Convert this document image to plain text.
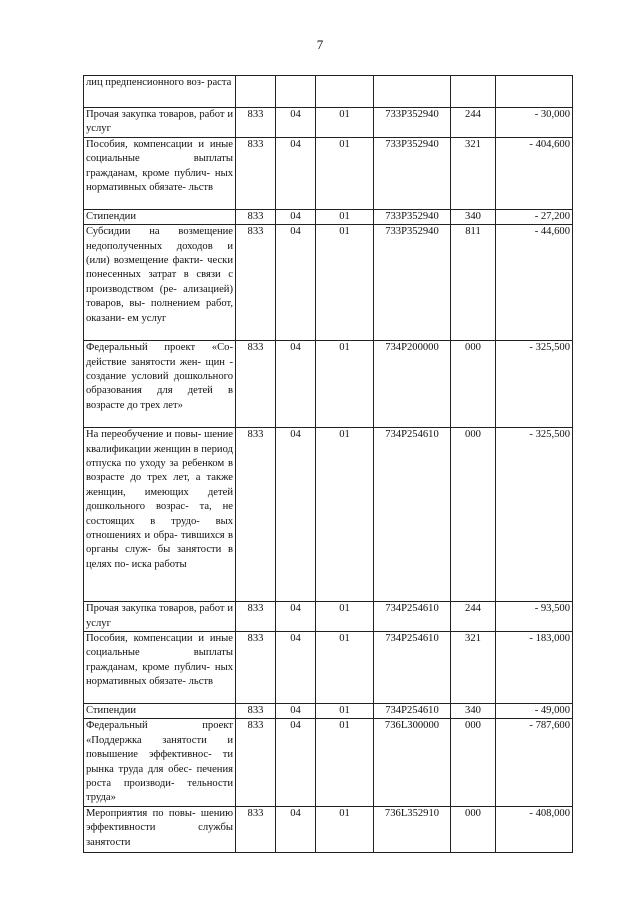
7
лиц предпенсионного воз- раста						
Прочая закупка товаров, работ и услуг	833	04	01	733P352940	244	- 30,000
Пособия, компенсации и иные социальные выплаты гражданам, кроме публич- ных нормативных обязате- льств	833	04	01	733P352940	321	- 404,600
Стипендии	833	04	01	733P352940	340	- 27,200
Субсидии на возмещение недополученных доходов и (или) возмещение факти- чески понесенных затрат в связи с производством (ре- ализацией) товаров, вы- полнением работ, оказани- ем услуг	833	04	01	733P352940	811	- 44,600
Федеральный проект «Со- действие занятости жен- щин - создание условий дошкольного образования для детей в возрасте до трех лет»	833	04	01	734P200000	000	- 325,500
На переобучение и повы- шение квалификации женщин в период отпуска по уходу за ребенком в возрасте до трех лет, а также женщин, имеющих детей дошкольного возрас- та, не состоящих в трудо- вых отношениях и обра- тившихся в органы служ- бы занятости в целях по- иска работы	833	04	01	734P254610	000	- 325,500
Прочая закупка товаров, работ и услуг	833	04	01	734P254610	244	- 93,500
Пособия, компенсации и иные социальные выплаты гражданам, кроме публич- ных нормативных обязате- льств	833	04	01	734P254610	321	- 183,000
Стипендии	833	04	01	734P254610	340	- 49,000
Федеральный проект «Поддержка занятости и повышение эффективнос- ти рынка труда для обес- печения роста производи- тельности труда»	833	04	01	736L300000	000	- 787,600
Мероприятия по повы- шению эффективности службы занятости	833	04	01	736L352910	000	- 408,000
